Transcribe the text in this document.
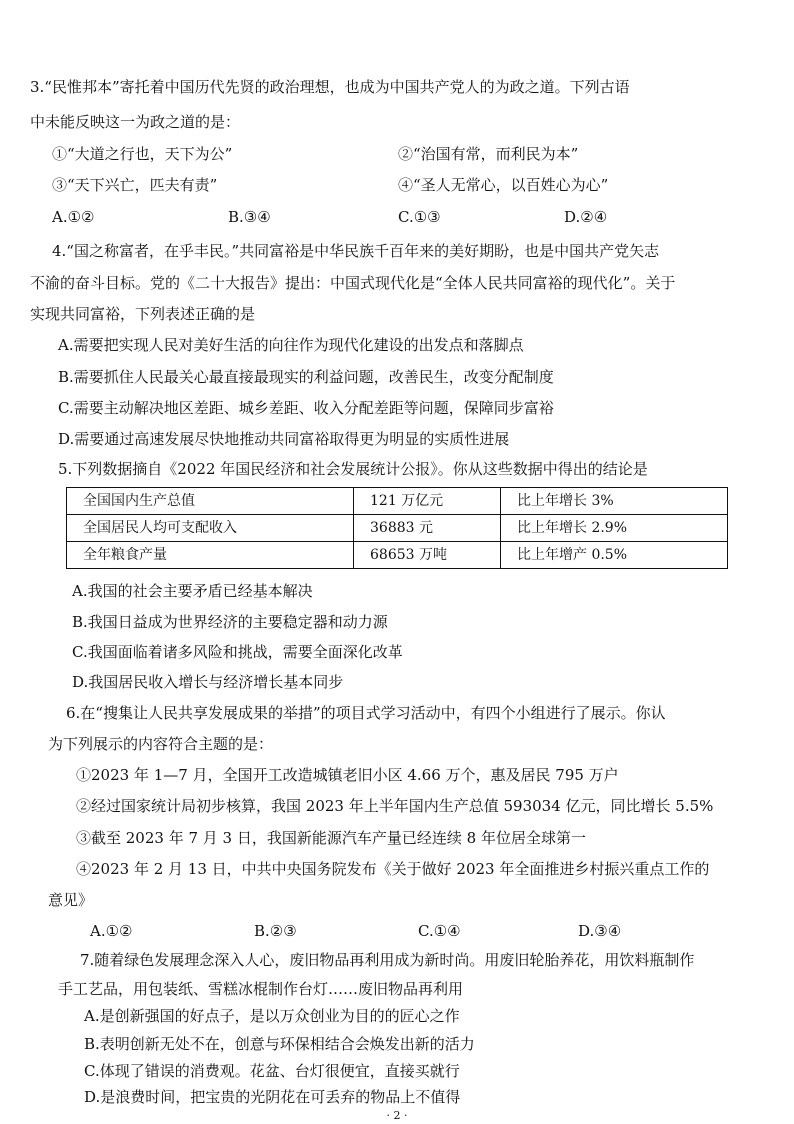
3.“民惟邦本”寄托着中国历代先贤的政治理想，也成为中国共产党人的为政之道。下列古语
中未能反映这一为政之道的是：
①“大道之行也，天下为公”	②“治国有常，而利民为本”
③“天下兴亡，匹夫有责”	④“圣人无常心，以百姓心为心”
A.①②	B.③④	C.①③	D.②④
4.“国之称富者，在乎丰民。”共同富裕是中华民族千百年来的美好期盼，也是中国共产党矢志
不渝的奋斗目标。党的《二十大报告》提出：中国式现代化是“全体人民共同富裕的现代化”。关于
实现共同富裕，下列表述正确的是
A.需要把实现人民对美好生活的向往作为现代化建设的出发点和落脚点
B.需要抓住人民最关心最直接最现实的利益问题，改善民生，改变分配制度
C.需要主动解决地区差距、城乡差距、收入分配差距等问题，保障同步富裕
D.需要通过高速发展尽快地推动共同富裕取得更为明显的实质性进展
5.下列数据摘自《2022 年国民经济和社会发展统计公报》。你从这些数据中得出的结论是
全国国内生产总值	121 万亿元	比上年增长 3%
全国居民人均可支配收入	36883 元	比上年增长 2.9%
全年粮食产量	68653 万吨	比上年增产 0.5%
A.我国的社会主要矛盾已经基本解决
B.我国日益成为世界经济的主要稳定器和动力源
C.我国面临着诸多风险和挑战，需要全面深化改革
D.我国居民收入增长与经济增长基本同步
6.在“搜集让人民共享发展成果的举措”的项目式学习活动中，有四个小组进行了展示。你认
为下列展示的内容符合主题的是：
①2023 年 1—7 月，全国开工改造城镇老旧小区 4.66 万个，惠及居民 795 万户
②经过国家统计局初步核算，我国 2023 年上半年国内生产总值 593034 亿元，同比增长 5.5%
③截至 2023 年 7 月 3 日，我国新能源汽车产量已经连续 8 年位居全球第一
④2023 年 2 月 13 日，中共中央国务院发布《关于做好 2023 年全面推进乡村振兴重点工作的
意见》
A.①②	B.②③	C.①④	D.③④
7.随着绿色发展理念深入人心，废旧物品再利用成为新时尚。用废旧轮胎养花，用饮料瓶制作
手工艺品，用包装纸、雪糕冰棍制作台灯……废旧物品再利用
A.是创新强国的好点子，是以万众创业为目的的匠心之作
B.表明创新无处不在，创意与环保相结合会焕发出新的活力
C.体现了错误的消费观。花盆、台灯很便宜，直接买就行
D.是浪费时间，把宝贵的光阴花在可丢弃的物品上不值得
· 2 ·
